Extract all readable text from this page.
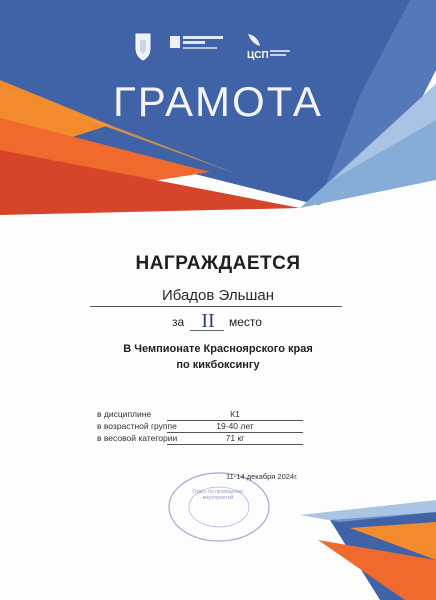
ЦСП
ГРАМОТА
НАГРАЖДАЕТСЯ
Ибадов Эльшан
за II	место
В Чемпионате Красноярского края
по кикбоксингу
в дисциплине	К1
в возрастной группе	19-40 лет
в весовой категории	71 кг
Отдел по проведению мероприятий
11-14 декабря 2024г.
